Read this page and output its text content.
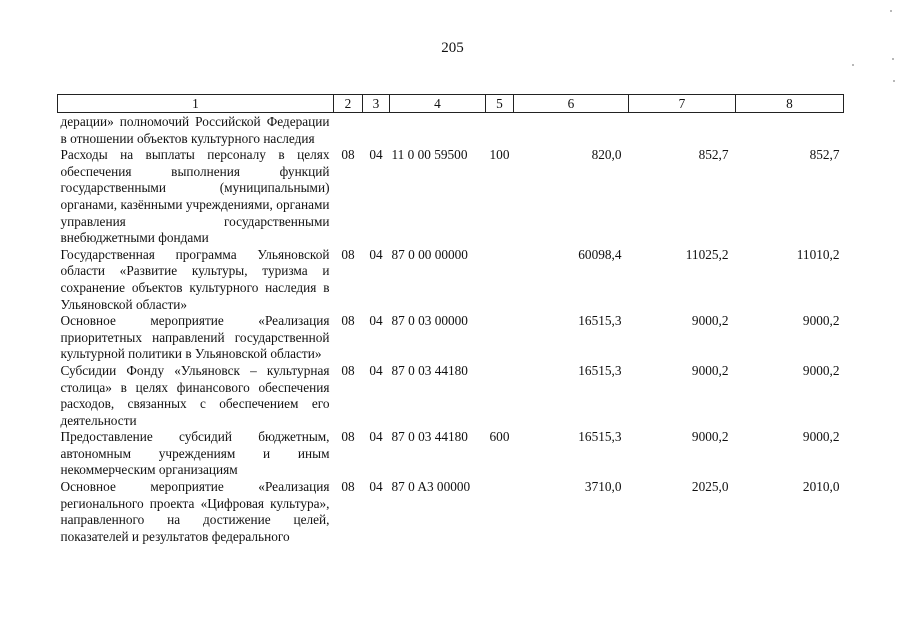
205
1	2	3	4	5	6	7	8
дерации» полномочий Российской Федерации в отношении объектов культурного наследия							
Расходы на выплаты персоналу в целях обеспечения выполнения функций государственными (муниципальными) органами, казёнными учреждениями, органами управления государственными внебюджетными фондами	08	04	11 0 00 59500	100	820,0	852,7	852,7
Государственная программа Ульяновской области «Развитие культуры, туризма и сохранение объектов культурного наследия в Ульяновской области»	08	04	87 0 00 00000		60098,4	11025,2	11010,2
Основное мероприятие «Реализация приоритетных направлений государственной культурной политики в Ульяновской области»	08	04	87 0 03 00000		16515,3	9000,2	9000,2
Субсидии Фонду «Ульяновск – культурная столица» в целях финансового обеспечения расходов, связанных с обеспечением его деятельности	08	04	87 0 03 44180		16515,3	9000,2	9000,2
Предоставление субсидий бюджетным, автономным учреждениям и иным некоммерческим организациям	08	04	87 0 03 44180	600	16515,3	9000,2	9000,2
Основное мероприятие «Реализация регионального проекта «Цифровая культура», направленного на достижение целей, показателей и результатов федерального	08	04	87 0 A3 00000		3710,0	2025,0	2010,0
